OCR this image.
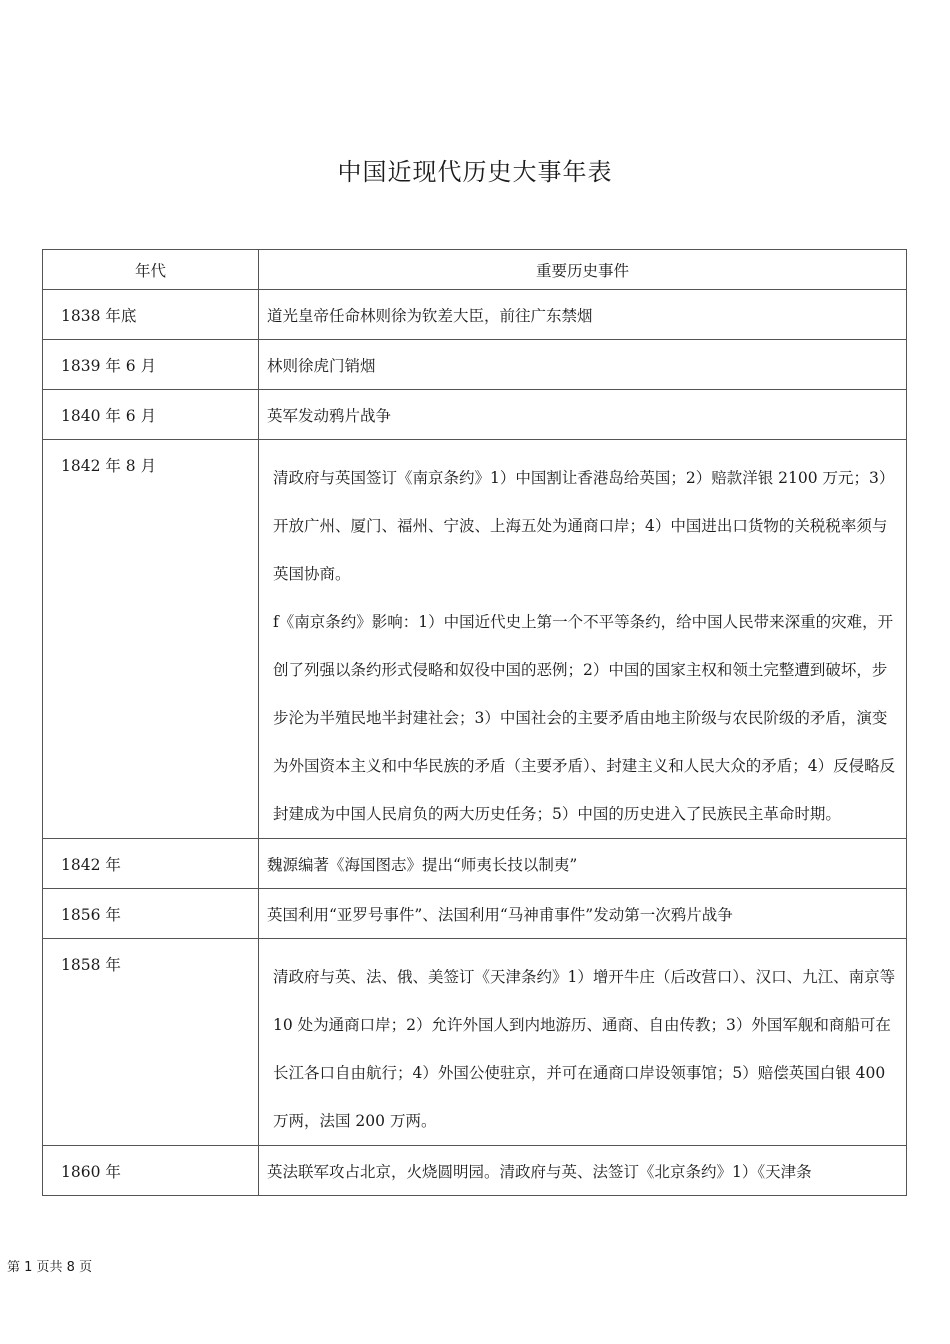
中国近现代历史大事年表
年代	重要历史事件
1838 年底	道光皇帝任命林则徐为钦差大臣，前往广东禁烟
1839 年 6 月	林则徐虎门销烟
1840 年 6 月	英军发动鸦片战争
1842 年 8 月	清政府与英国签订《南京条约》1）中国割让香港岛给英国；2）赔款洋银 2100 万元；3）开放广州、厦门、福州、宁波、上海五处为通商口岸；4）中国进出口货物的关税税率须与英国协商。

f《南京条约》影响：1）中国近代史上第一个不平等条约，给中国人民带来深重的灾难，开创了列强以条约形式侵略和奴役中国的恶例；2）中国的国家主权和领土完整遭到破坏，步步沦为半殖民地半封建社会；3）中国社会的主要矛盾由地主阶级与农民阶级的矛盾，演变为外国资本主义和中华民族的矛盾（主要矛盾）、封建主义和人民大众的矛盾；4）反侵略反封建成为中国人民肩负的两大历史任务；5）中国的历史进入了民族民主革命时期。

1842 年	魏源编著《海国图志》提出“师夷长技以制夷”
1856 年	英国利用“亚罗号事件”、法国利用“马神甫事件”发动第一次鸦片战争
1858 年	清政府与英、法、俄、美签订《天津条约》1）增开牛庄（后改营口）、汉口、九江、南京等 10 处为通商口岸；2）允许外国人到内地游历、通商、自由传教；3）外国军舰和商船可在长江各口自由航行；4）外国公使驻京，并可在通商口岸设领事馆；5）赔偿英国白银 400 万两，法国 200 万两。

1860 年	英法联军攻占北京，火烧圆明园。清政府与英、法签订《北京条约》1）《天津条
第 1 页共 8 页
